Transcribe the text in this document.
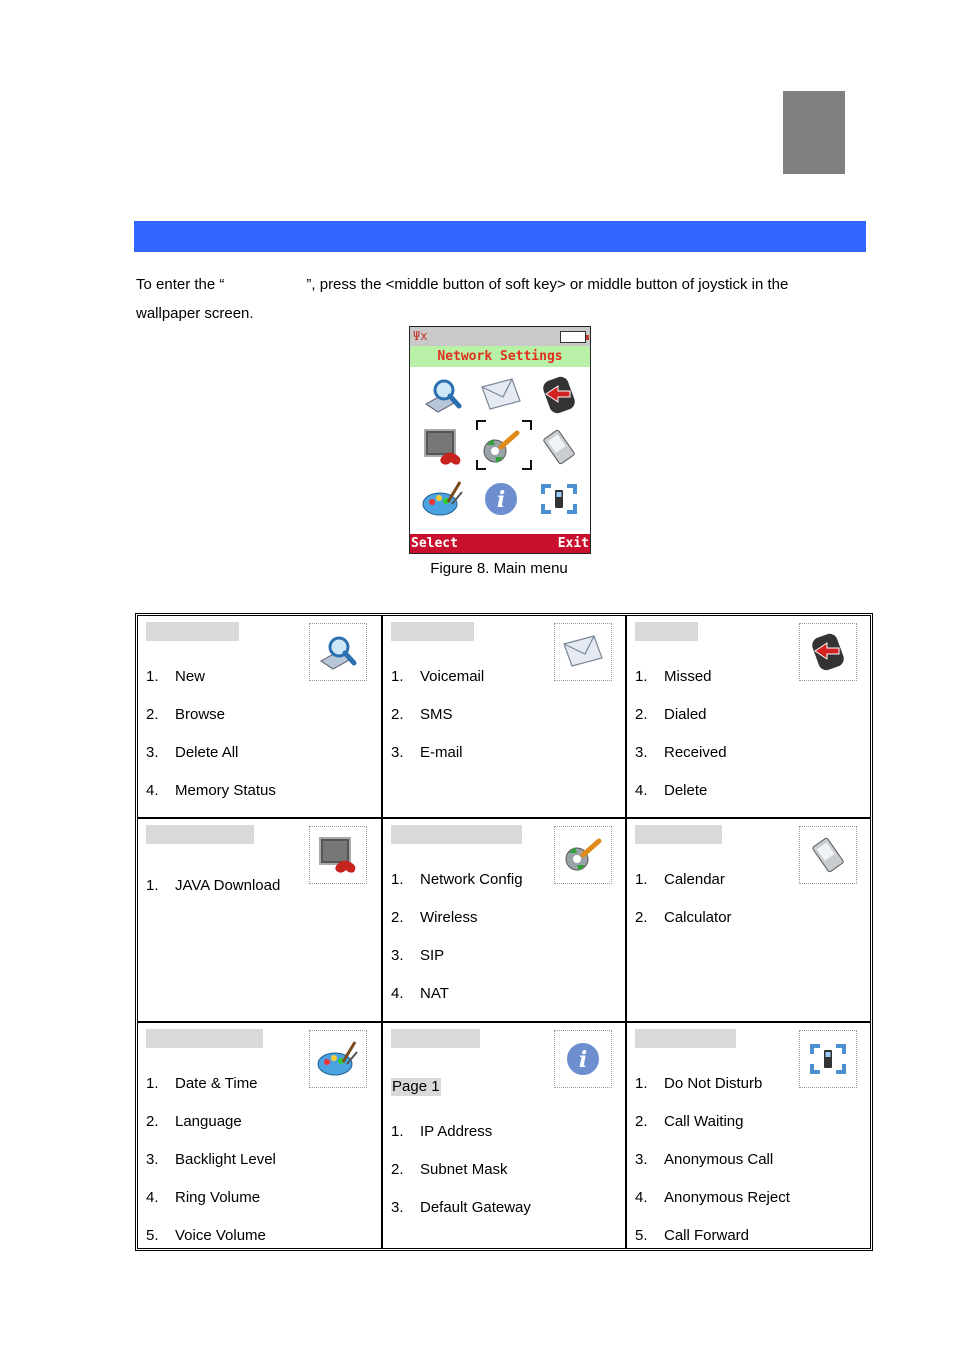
To enter the “	”, press the <middle button of soft key> or middle button of joystick in the
wallpaper screen.
Ψx
Network Settings
i
Select	Exit
Figure 8. Main menu
1.	New
2.	Browse
3.	Delete All
4.	Memory Status
1.	Voicemail
2.	SMS
3.	E-mail
1.	Missed
2.	Dialed
3.	Received
4.	Delete
1.	JAVA Download	1.	Network Config
2.	Wireless
3.	SIP
4.	NAT
1.	Calendar
2.	Calculator
1.	Date & Time
2.	Language
3.	Backlight Level
4.	Ring Volume
5.	Voice Volume
i
Page 1
1.	IP Address
2.	Subnet Mask
3.	Default Gateway
1.	Do Not Disturb
2.	Call Waiting
3.	Anonymous Call
4.	Anonymous Reject
5.	Call Forward
